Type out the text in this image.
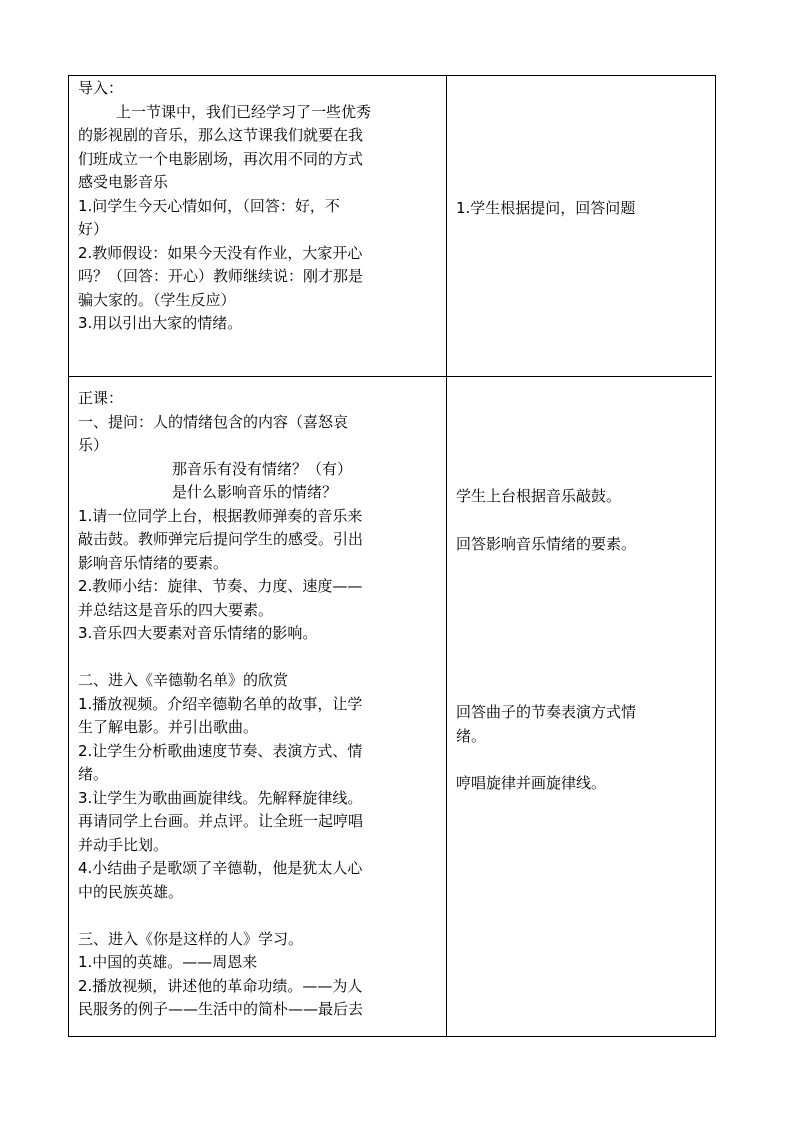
导入：
上一节课中，我们已经学习了一些优秀
的影视剧的音乐，那么这节课我们就要在我
们班成立一个电影剧场，再次用不同的方式
感受电影音乐
1.问学生今天心情如何，（回答：好，不
好）
2.教师假设：如果今天没有作业，大家开心
吗？（回答：开心）教师继续说：刚才那是
骗大家的。（学生反应）
3.用以引出大家的情绪。
1.学生根据提问，回答问题
正课：
一、提问：人的情绪包含的内容（喜怒哀
乐）
那音乐有没有情绪？（有）
是什么影响音乐的情绪？
1.请一位同学上台，根据教师弹奏的音乐来
敲击鼓。教师弹完后提问学生的感受。引出
影响音乐情绪的要素。
2.教师小结：旋律、节奏、力度、速度——
并总结这是音乐的四大要素。
3.音乐四大要素对音乐情绪的影响。

二、进入《辛德勒名单》的欣赏
1.播放视频。介绍辛德勒名单的故事，让学
生了解电影。并引出歌曲。
2.让学生分析歌曲速度节奏、表演方式、情
绪。
3.让学生为歌曲画旋律线。先解释旋律线。
再请同学上台画。并点评。让全班一起哼唱
并动手比划。
4.小结曲子是歌颂了辛德勒，他是犹太人心
中的民族英雄。

三、进入《你是这样的人》学习。
1.中国的英雄。——周恩来
2.播放视频，讲述他的革命功绩。——为人
民服务的例子——生活中的简朴——最后去
学生上台根据音乐敲鼓。
回答影响音乐情绪的要素。
回答曲子的节奏表演方式情
绪。
哼唱旋律并画旋律线。
